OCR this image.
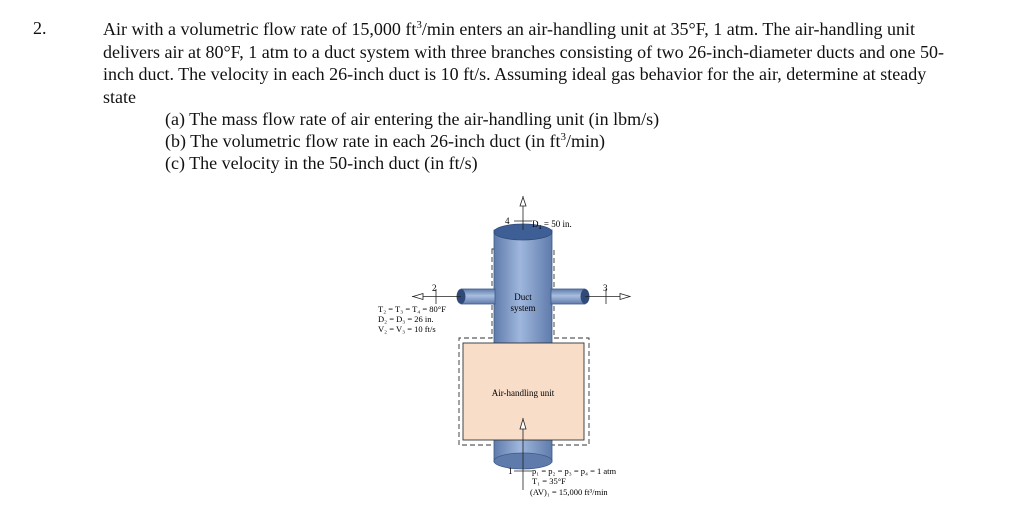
2.	Air with a volumetric flow rate of 15,000 $ft^3/\min$ enters an air-handling unit at 35°F, 1 atm. The air-handling unit delivers air at 80°F, 1 atm to a duct system with three branches consisting of two 26-inch-diameter ducts and one 50-inch duct. The velocity in each 26-inch duct is 10 ft/s. Assuming ideal gas behavior for the air, determine at steady state

(a) The mass flow rate of air entering the air-handling unit (in lbm/s)
(b) The volumetric flow rate in each 26-inch duct (in $ft^3/\min$)
(c) The velocity in the 50-inch duct (in ft/s)
4	D₄ = 50 in.
2	3
1
Duct
system
Air-handling unit
T₂ = T₃ = T₄ = 80°F
D₂ = D₃ = 26 in.
V₂ = V₃ = 10 ft/s
p₁ = p₂ = p₃ = p₄ = 1 atm
T₁ = 35°F
(AV)₁ = 15,000 ft³/min
